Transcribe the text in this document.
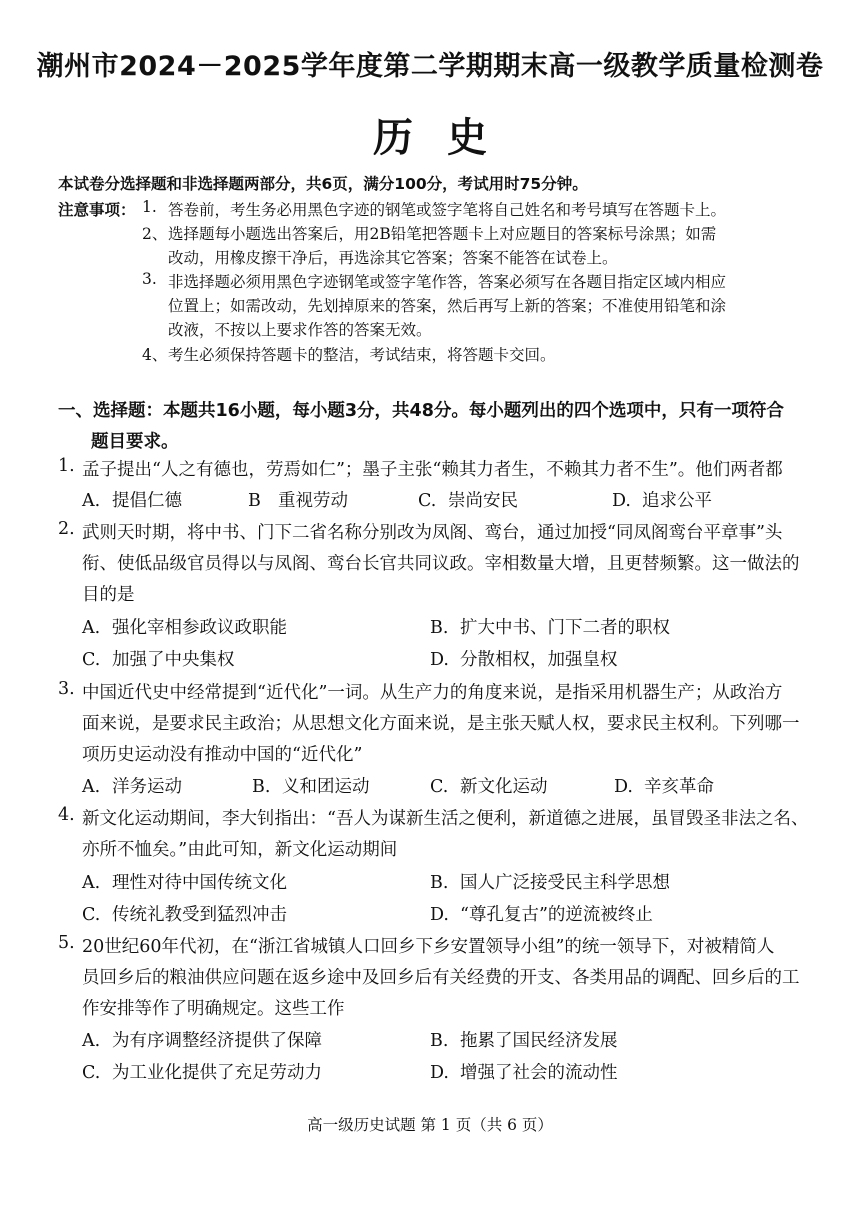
潮州市2024－2025学年度第二学期期末高一级教学质量检测卷
历史
本试卷分选择题和非选择题两部分，共6页，满分100分，考试用时75分钟。
注意事项： 1. 答卷前，考生务必用黑色字迹的钢笔或签字笔将自己姓名和考号填写在答题卡上。
2、 选择题每小题选出答案后，用2B铅笔把答题卡上对应题目的答案标号涂黑；如需
改动，用橡皮擦干净后，再选涂其它答案；答案不能答在试卷上。
3. 非选择题必须用黑色字迹钢笔或签字笔作答，答案必须写在各题目指定区域内相应
位置上；如需改动，先划掉原来的答案，然后再写上新的答案；不准使用铅笔和涂
改液，不按以上要求作答的答案无效。
4、 考生必须保持答题卡的整洁，考试结束，将答题卡交回。
一、选择题：本题共16小题，每小题3分，共48分。每小题列出的四个选项中，只有一项符合
题目要求。
1. 孟子提出“人之有德也，劳焉如仁”；墨子主张“赖其力者生，不赖其力者不生”。他们两者都
A. 提倡仁德	B 重视劳动	C. 崇尚安民	D. 追求公平
2. 武则天时期，将中书、门下二省名称分别改为凤阁、鸾台，通过加授“同凤阁鸾台平章事”头
衔、使低品级官员得以与凤阁、鸾台长官共同议政。宰相数量大增，且更替频繁。这一做法的
目的是
A. 强化宰相参政议政职能	B. 扩大中书、门下二者的职权
C. 加强了中央集权	D. 分散相权，加强皇权
3. 中国近代史中经常提到“近代化”一词。从生产力的角度来说，是指采用机器生产；从政治方
面来说，是要求民主政治；从思想文化方面来说，是主张天赋人权，要求民主权利。下列哪一
项历史运动没有推动中国的“近代化”
A. 洋务运动	B. 义和团运动	C. 新文化运动	D. 辛亥革命
4. 新文化运动期间，李大钊指出：“吾人为谋新生活之便利，新道德之进展，虽冒毁圣非法之名、
亦所不恤矣。”由此可知，新文化运动期间
A. 理性对待中国传统文化	B. 国人广泛接受民主科学思想
C. 传统礼教受到猛烈冲击	D. “尊孔复古”的逆流被终止
5. 20世纪60年代初，在“浙江省城镇人口回乡下乡安置领导小组”的统一领导下，对被精简人
员回乡后的粮油供应问题在返乡途中及回乡后有关经费的开支、各类用品的调配、回乡后的工
作安排等作了明确规定。这些工作
A. 为有序调整经济提供了保障	B. 拖累了国民经济发展
C. 为工业化提供了充足劳动力	D. 增强了社会的流动性
高一级历史试题 第 1 页（共 6 页）
